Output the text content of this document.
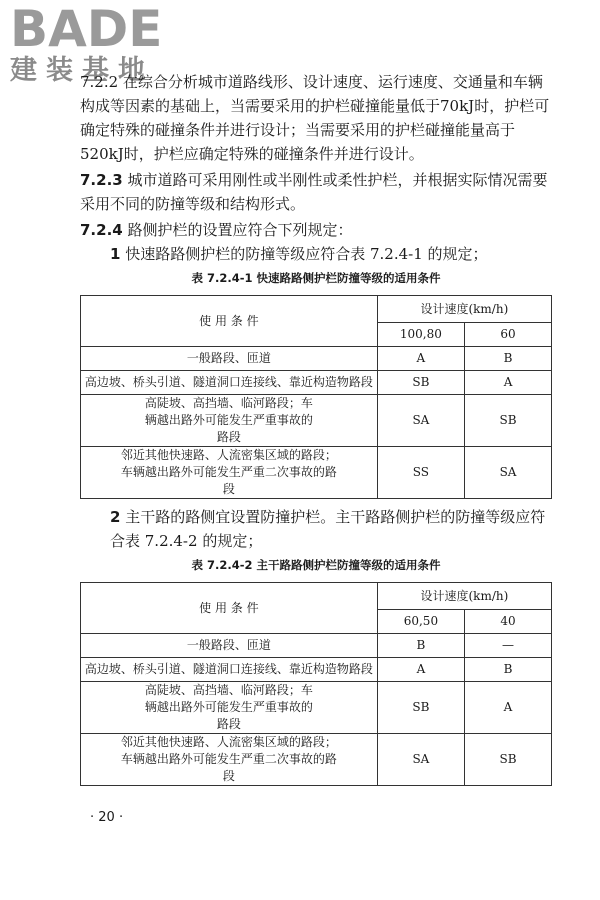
BADE
建装基地

7.2.2 在综合分析城市道路线形、设计速度、运行速度、交通量和车辆构成等因素的基础上，当需要采用的护栏碰撞能量低于70kJ时，护栏可确定特殊的碰撞条件并进行设计；当需要采用的护栏碰撞能量高于520kJ时，护栏应确定特殊的碰撞条件并进行设计。

7.2.3 城市道路可采用刚性或半刚性或柔性护栏，并根据实际情况需要采用不同的防撞等级和结构形式。

7.2.4 路侧护栏的设置应符合下列规定：

1 快速路路侧护栏的防撞等级应符合表 7.2.4-1 的规定；

表 7.2.4-1 快速路路侧护栏防撞等级的适用条件
使 用 条 件	设计速度(km/h)	
	100,80	60
一般路段、匝道	A	B
高边坡、桥头引道、隧道洞口连接线、靠近构造物路段	SB	A
高陡坡、高挡墙、临河路段；车辆越出路外可能发生严重事故的路段	SA	SB
邻近其他快速路、人流密集区域的路段；车辆越出路外可能发生严重二次事故的路段	SS	SA

2 主干路的路侧宜设置防撞护栏。主干路路侧护栏的防撞等级应符合表 7.2.4-2 的规定；

表 7.2.4-2 主干路路侧护栏防撞等级的适用条件
使 用 条 件	设计速度(km/h)	
	60,50	40
一般路段、匝道	B	—
高边坡、桥头引道、隧道洞口连接线、靠近构造物路段	A	B
高陡坡、高挡墙、临河路段；车辆越出路外可能发生严重事故的路段	SB	A
邻近其他快速路、人流密集区域的路段；车辆越出路外可能发生严重二次事故的路段	SA	SB
· 20 ·
